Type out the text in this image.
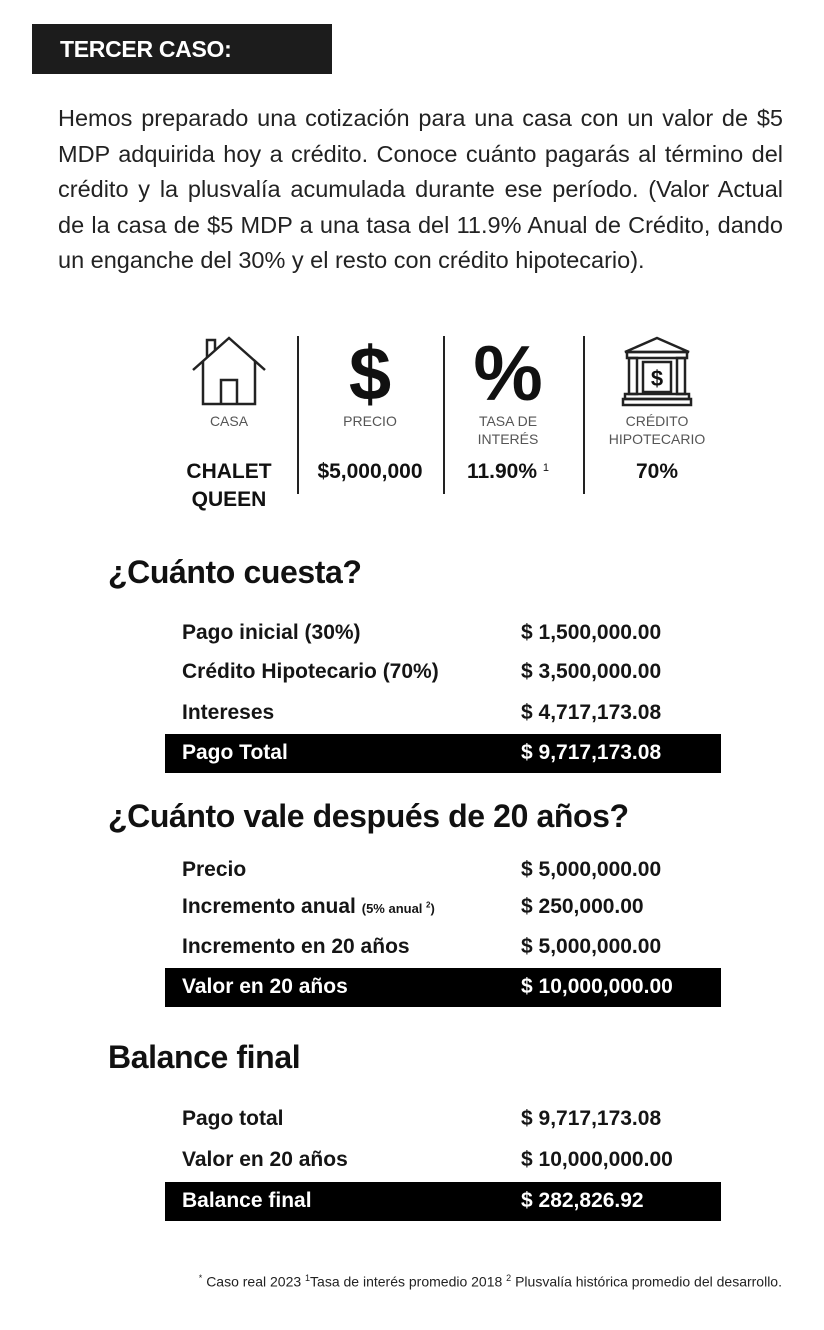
TERCER CASO:
Hemos preparado una cotización para una casa con un valor de $5 MDP adquirida hoy a crédito. Conoce cuánto pagarás al término del crédito y la plusvalía acumulada durante ese período. (Valor Actual de la casa de $5 MDP a una tasa del 11.9% Anual de Crédito, dando un enganche del 30% y el resto con crédito hipotecario).
CASA
CHALET
QUEEN
$
PRECIO
$5,000,000
%
TASA DE
INTERÉS
11.90% $^1$
$
CRÉDITO
HIPOTECARIO
70%
¿Cuánto cuesta?
Pago inicial (30%)	$ 1,500,000.00
Crédito Hipotecario (70%)	$ 3,500,000.00
Intereses	$ 4,717,173.08
Pago Total	$ 9,717,173.08
¿Cuánto vale después de 20 años?
Precio	$ 5,000,000.00
Incremento anual (5% anual $^2$)	$ 250,000.00
Incremento en 20 años	$ 5,000,000.00
Valor en 20 años	$ 10,000,000.00
Balance final
Pago total	$ 9,717,173.08
Valor en 20 años	$ 10,000,000.00
Balance final	$ 282,826.92
* Caso real 2023 $^1$Tasa de interés promedio 2018 $^2$ Plusvalía histórica promedio del desarrollo.
